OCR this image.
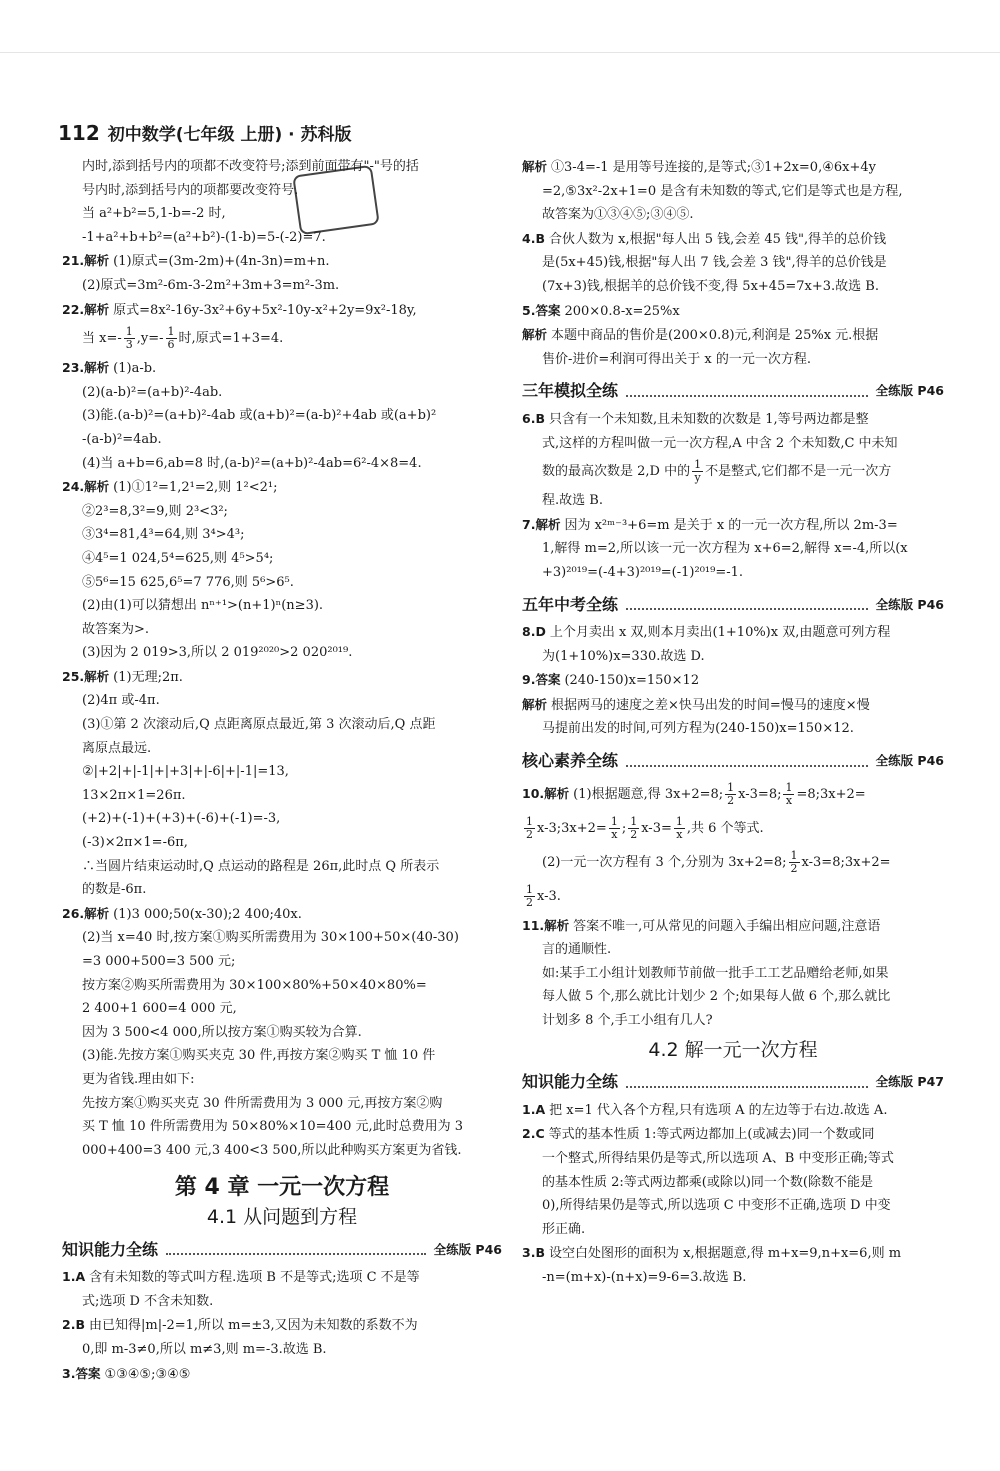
112 初中数学(七年级 上册) · 苏科版
内时,添到括号内的项都不改变符号;添到前面带有"-"号的括
号内时,添到括号内的项都要改变符号.
当 a²+b²=5,1-b=-2 时,
-1+a²+b+b²=(a²+b²)-(1-b)=5-(-2)=7.
21.解析 (1)原式=(3m-2m)+(4n-3n)=m+n.
(2)原式=3m²-6m-3-2m²+3m+3=m²-3m.
22.解析 原式=8x²-16y-3x²+6y+5x²-10y-x²+2y=9x²-18y,
当 $x=- \frac{1}{3} ,y=- \frac{1}{6}$ 时,原式=1+3=4.
23.解析 (1)a-b.
(2)(a-b)²=(a+b)²-4ab.
(3)能.(a-b)²=(a+b)²-4ab 或(a+b)²=(a-b)²+4ab 或(a+b)²
-(a-b)²=4ab.
(4)当 a+b=6,ab=8 时,(a-b)²=(a+b)²-4ab=6²-4×8=4.
24.解析 (1)①1²=1,2¹=2,则 1²<2¹;
②2³=8,3²=9,则 2³<3²;
③3⁴=81,4³=64,则 3⁴>4³;
④4⁵=1 024,5⁴=625,则 4⁵>5⁴;
⑤5⁶=15 625,6⁵=7 776,则 5⁶>6⁵.
(2)由(1)可以猜想出 nⁿ⁺¹>(n+1)ⁿ(n≥3).
故答案为>.
(3)因为 2 019>3,所以 2 019²⁰²⁰>2 020²⁰¹⁹.
25.解析 (1)无理;2π.
(2)4π 或-4π.
(3)①第 2 次滚动后,Q 点距离原点最近,第 3 次滚动后,Q 点距
离原点最远.
②|+2|+|-1|+|+3|+|-6|+|-1|=13,
13×2π×1=26π.
(+2)+(-1)+(+3)+(-6)+(-1)=-3,
(-3)×2π×1=-6π,
∴当圆片结束运动时,Q 点运动的路程是 26π,此时点 Q 所表示
的数是-6π.
26.解析 (1)3 000;50(x-30);2 400;40x.
(2)当 x=40 时,按方案①购买所需费用为 30×100+50×(40-30)
=3 000+500=3 500 元;
按方案②购买所需费用为 30×100×80%+50×40×80%=
2 400+1 600=4 000 元,
因为 3 500<4 000,所以按方案①购买较为合算.
(3)能.先按方案①购买夹克 30 件,再按方案②购买 T 恤 10 件
更为省钱.理由如下:
先按方案①购买夹克 30 件所需费用为 3 000 元,再按方案②购
买 T 恤 10 件所需费用为 50×80%×10=400 元,此时总费用为 3
000+400=3 400 元,3 400<3 500,所以此种购买方案更为省钱.
第 4 章 一元一次方程
4.1 从问题到方程
知识能力全练	全练版 P46
1.A 含有未知数的等式叫方程.选项 B 不是等式;选项 C 不是等
式;选项 D 不含未知数.
2.B 由已知得|m|-2=1,所以 m=±3,又因为未知数的系数不为
0,即 m-3≠0,所以 m≠3,则 m=-3.故选 B.
3.答案 ①③④⑤;③④⑤
解析 ①3-4=-1 是用等号连接的,是等式;③1+2x=0,④6x+4y
=2,⑤3x²-2x+1=0 是含有未知数的等式,它们是等式也是方程,
故答案为①③④⑤;③④⑤.
4.B 合伙人数为 x,根据"每人出 5 钱,会差 45 钱",得羊的总价钱
是(5x+45)钱,根据"每人出 7 钱,会差 3 钱",得羊的总价钱是
(7x+3)钱,根据羊的总价钱不变,得 5x+45=7x+3.故选 B.
5.答案 200×0.8-x=25%x
解析 本题中商品的售价是(200×0.8)元,利润是 25%x 元.根据
售价-进价=利润可得出关于 x 的一元一次方程.
三年模拟全练	全练版 P46
6.B 只含有一个未知数,且未知数的次数是 1,等号两边都是整
式,这样的方程叫做一元一次方程,A 中含 2 个未知数,C 中未知
数的最高次数是 2,D 中的 $\frac{1}{y}$ 不是整式,它们都不是一元一次方
程.故选 B.
7.解析 因为 x²ᵐ⁻³+6=m 是关于 x 的一元一次方程,所以 2m-3=
1,解得 m=2,所以该一元一次方程为 x+6=2,解得 x=-4,所以(x
+3)²⁰¹⁹=(-4+3)²⁰¹⁹=(-1)²⁰¹⁹=-1.
五年中考全练	全练版 P46
8.D 上个月卖出 x 双,则本月卖出(1+10%)x 双,由题意可列方程
为(1+10%)x=330.故选 D.
9.答案 (240-150)x=150×12
解析 根据两马的速度之差×快马出发的时间=慢马的速度×慢
马提前出发的时间,可列方程为(240-150)x=150×12.
核心素养全练	全练版 P46
10.解析 (1)根据题意,得 3x+2=8; $\frac{1}{2} x-3=8$; $\frac{1}{x}$ =8;3x+2=
$\frac{1}{2}$ x-3;3x+2= $\frac{1}{x}$ ; $\frac{1}{2} x-3= \frac{1}{x}$ ,共 6 个等式.
(2)一元一次方程有 3 个,分别为 3x+2=8; $\frac{1}{2}$ x-3=8;3x+2=
$\frac{1}{2} x-3$.
11.解析 答案不唯一,可从常见的问题入手编出相应问题,注意语
言的通顺性.
如:某手工小组计划教师节前做一批手工工艺品赠给老师,如果
每人做 5 个,那么就比计划少 2 个;如果每人做 6 个,那么就比
计划多 8 个,手工小组有几人?
4.2 解一元一次方程
知识能力全练	全练版 P47
1.A 把 x=1 代入各个方程,只有选项 A 的左边等于右边.故选 A.
2.C 等式的基本性质 1:等式两边都加上(或减去)同一个数或同
一个整式,所得结果仍是等式,所以选项 A、B 中变形正确;等式
的基本性质 2:等式两边都乘(或除以)同一个数(除数不能是
0),所得结果仍是等式,所以选项 C 中变形不正确,选项 D 中变
形正确.
3.B 设空白处图形的面积为 x,根据题意,得 m+x=9,n+x=6,则 m
-n=(m+x)-(n+x)=9-6=3.故选 B.
